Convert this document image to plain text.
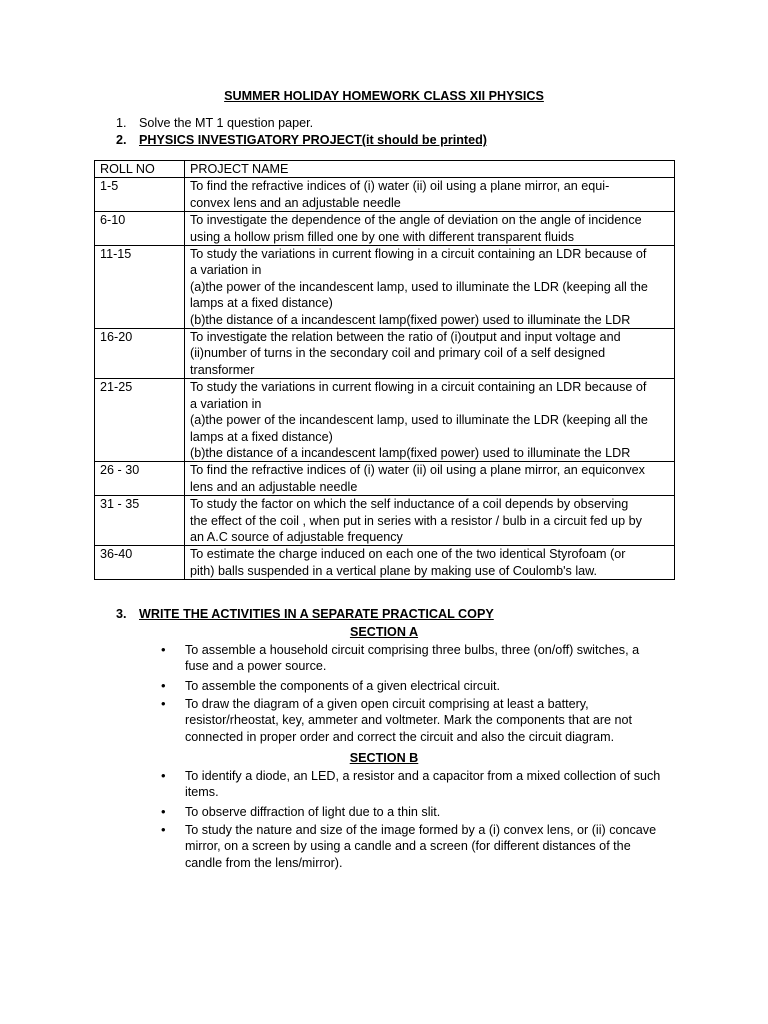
SUMMER HOLIDAY HOMEWORK CLASS XII PHYSICS
1. Solve the MT 1 question paper.
2. PHYSICS INVESTIGATORY PROJECT(it should be printed)
ROLL NO	PROJECT NAME
1-5	To find the refractive indices of (i) water (ii) oil using a plane mirror, an equi-
convex lens and an adjustable needle
6-10	To investigate the dependence of the angle of deviation on the angle of incidence
using a hollow prism filled one by one with different transparent fluids
11-15	To study the variations in current flowing in a circuit containing an LDR because of
a variation in
(a)the power of the incandescent lamp, used to illuminate the LDR (keeping all the
lamps at a fixed distance)
(b)the distance of a incandescent lamp(fixed power) used to illuminate the LDR
16-20	To investigate the relation between the ratio of (i)output and input voltage and
(ii)number of turns in the secondary coil and primary coil of a self designed
transformer
21-25	To study the variations in current flowing in a circuit containing an LDR because of
a variation in
(a)the power of the incandescent lamp, used to illuminate the LDR (keeping all the
lamps at a fixed distance)
(b)the distance of a incandescent lamp(fixed power) used to illuminate the LDR
26 - 30	To find the refractive indices of (i) water (ii) oil using a plane mirror, an equiconvex
lens and an adjustable needle
31 - 35	To study the factor on which the self inductance of a coil depends by observing
the effect of the coil , when put in series with a resistor / bulb in a circuit fed up by
an A.C source of adjustable frequency
36-40	To estimate the charge induced on each one of the two identical Styrofoam (or
pith) balls suspended in a vertical plane by making use of Coulomb's law.
3. WRITE THE ACTIVITIES IN A SEPARATE PRACTICAL COPY
SECTION A
•	To assemble a household circuit comprising three bulbs, three (on/off) switches, a
fuse and a power source.
•	To assemble the components of a given electrical circuit.
•	To draw the diagram of a given open circuit comprising at least a battery,
resistor/rheostat, key, ammeter and voltmeter. Mark the components that are not
connected in proper order and correct the circuit and also the circuit diagram.
SECTION B
•	To identify a diode, an LED, a resistor and a capacitor from a mixed collection of such
items.
•	To observe diffraction of light due to a thin slit.
•	To study the nature and size of the image formed by a (i) convex lens, or (ii) concave
mirror, on a screen by using a candle and a screen (for different distances of the
candle from the lens/mirror).
